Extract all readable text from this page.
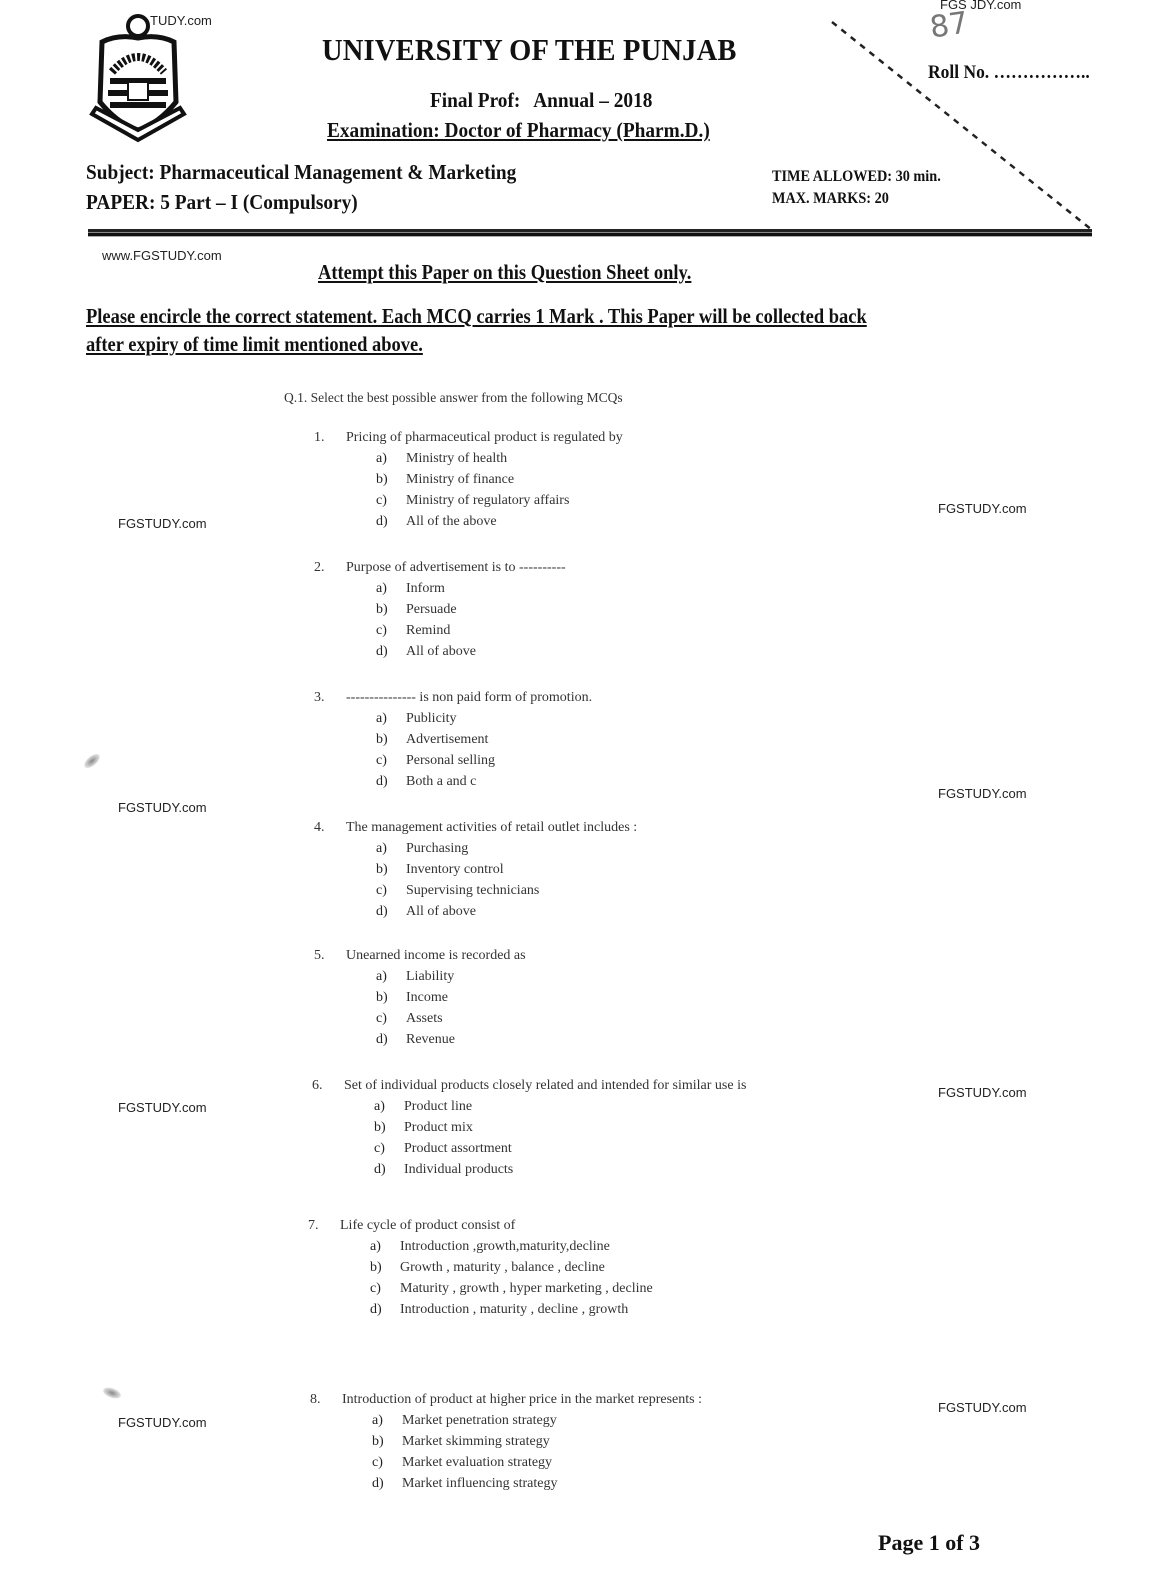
TUDY.com
FGS JDY.com
87
UNIVERSITY OF THE PUNJAB
Final Prof: Annual – 2018
Examination: Doctor of Pharmacy (Pharm.D.)
Roll No. ……………..
Subject: Pharmaceutical Management & Marketing
PAPER: 5 Part – I (Compulsory)
TIME ALLOWED: 30 min.
MAX. MARKS: 20
www.FGSTUDY.com
Attempt this Paper on this Question Sheet only.
Please encircle the correct statement. Each MCQ carries 1 Mark . This Paper will be collected back
after expiry of time limit mentioned above.
Q.1. Select the best possible answer from the following MCQs
1. Pricing of pharmaceutical product is regulated by
a) Ministry of health
b) Ministry of finance
c) Ministry of regulatory affairs
d) All of the above
2. Purpose of advertisement is to ----------
a) Inform
b) Persuade
c) Remind
d) All of above
3. --------------- is non paid form of promotion.
a) Publicity
b) Advertisement
c) Personal selling
d) Both a and c
4. The management activities of retail outlet includes :
a) Purchasing
b) Inventory control
c) Supervising technicians
d) All of above
5. Unearned income is recorded as
a) Liability
b) Income
c) Assets
d) Revenue
6. Set of individual products closely related and intended for similar use is
a) Product line
b) Product mix
c) Product assortment
d) Individual products
7. Life cycle of product consist of
a) Introduction ,growth,maturity,decline
b) Growth , maturity , balance , decline
c) Maturity , growth , hyper marketing , decline
d) Introduction , maturity , decline , growth
8. Introduction of product at higher price in the market represents :
a) Market penetration strategy
b) Market skimming strategy
c) Market evaluation strategy
d) Market influencing strategy
FGSTUDY.com
FGSTUDY.com
FGSTUDY.com
FGSTUDY.com
FGSTUDY.com
FGSTUDY.com
FGSTUDY.com
FGSTUDY.com
Page 1 of 3
